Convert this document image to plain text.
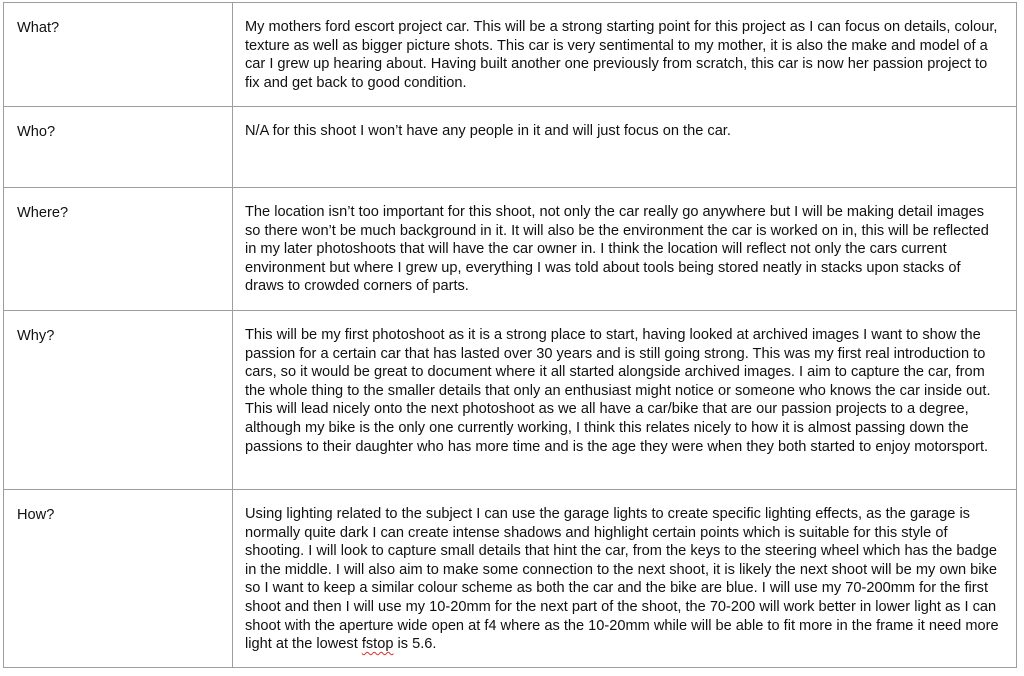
What?	My mothers ford escort project car. This will be a strong starting point for this project as I can focus on details, colour, texture as well as bigger picture shots. This car is very sentimental to my mother, it is also the make and model of a car I grew up hearing about. Having built another one previously from scratch, this car is now her passion project to fix and get back to good condition.

Who?	N/A for this shoot I won’t have any people in it and will just focus on the car.

Where?	The location isn’t too important for this shoot, not only the car really go anywhere but I will be making detail images so there won’t be much background in it. It will also be the environment the car is worked on in, this will be reflected in my later photoshoots that will have the car owner in. I think the location will reflect not only the cars current environment but where I grew up, everything I was told about tools being stored neatly in stacks upon stacks of draws to crowded corners of parts.

Why?	This will be my first photoshoot as it is a strong place to start, having looked at archived images I want to show the passion for a certain car that has lasted over 30 years and is still going strong. This was my first real introduction to cars, so it would be great to document where it all started alongside archived images. I aim to capture the car, from the whole thing to the smaller details that only an enthusiast might notice or someone who knows the car inside out. This will lead nicely onto the next photoshoot as we all have a car/bike that are our passion projects to a degree, although my bike is the only one currently working, I think this relates nicely to how it is almost passing down the passions to their daughter who has more time and is the age they were when they both started to enjoy motorsport.

How?	Using lighting related to the subject I can use the garage lights to create specific lighting effects, as the garage is normally quite dark I can create intense shadows and highlight certain points which is suitable for this style of shooting. I will look to capture small details that hint the car, from the keys to the steering wheel which has the badge in the middle. I will also aim to make some connection to the next shoot, it is likely the next shoot will be my own bike so I want to keep a similar colour scheme as both the car and the bike are blue. I will use my 70-200mm for the first shoot and then I will use my 10-20mm for the next part of the shoot, the 70-200 will work better in lower light as I can shoot with the aperture wide open at f4 where as the 10-20mm while will be able to fit more in the frame it need more light at the lowest fstop is 5.6.
